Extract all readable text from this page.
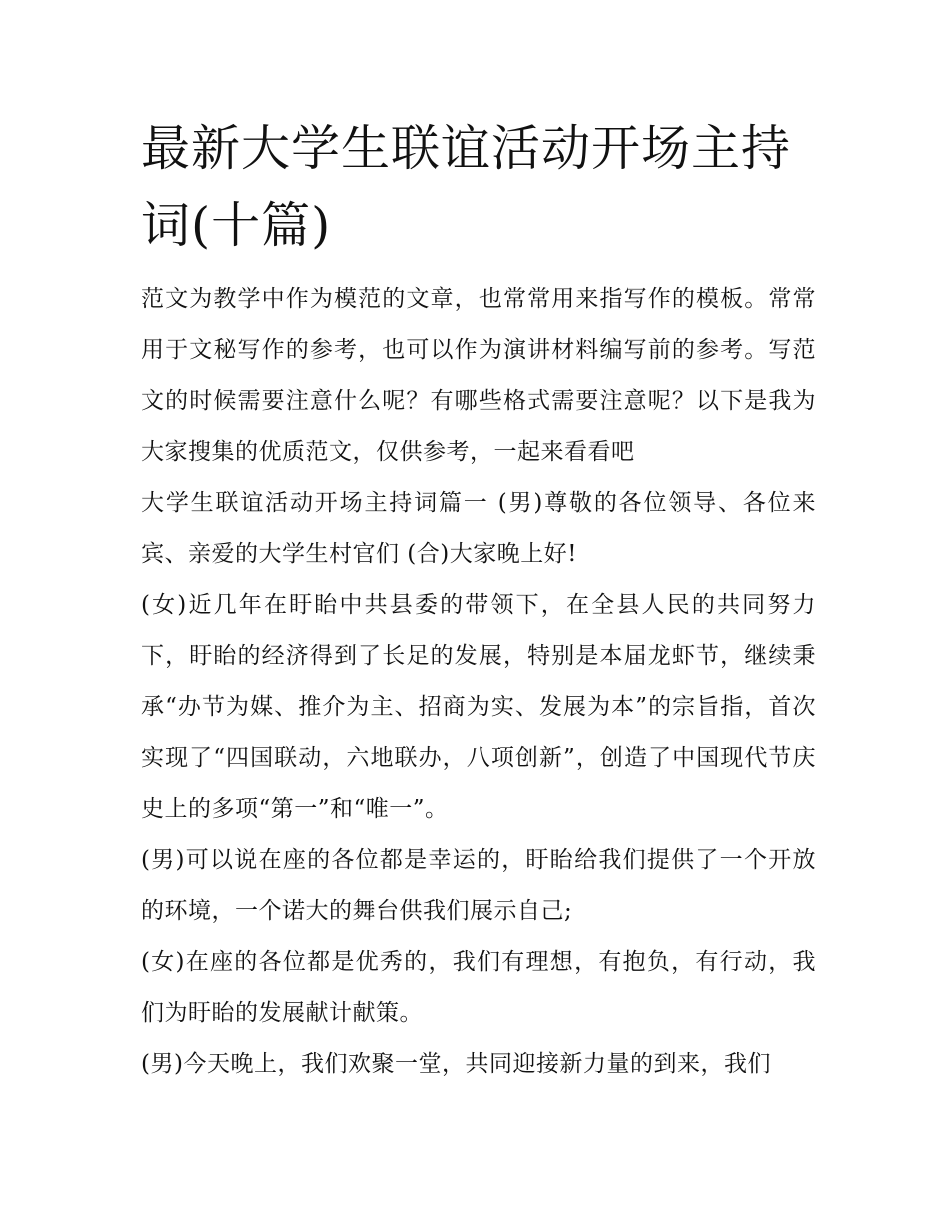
最新大学生联谊活动开场主持词(十篇)

范文为教学中作为模范的文章，也常常用来指写作的模板。常常用于文秘写作的参考，也可以作为演讲材料编写前的参考。写范文的时候需要注意什么呢？有哪些格式需要注意呢？以下是我为大家搜集的优质范文，仅供参考，一起来看看吧

大学生联谊活动开场主持词篇一 (男)尊敬的各位领导、各位来宾、亲爱的大学生村官们 (合)大家晚上好!

(女)近几年在盱眙中共县委的带领下，在全县人民的共同努力下，盱眙的经济得到了长足的发展，特别是本届龙虾节，继续秉承“办节为媒、推介为主、招商为实、发展为本”的宗旨指，首次实现了“四国联动，六地联办，八项创新”，创造了中国现代节庆史上的多项“第一”和“唯一”。

(男)可以说在座的各位都是幸运的，盱眙给我们提供了一个开放的环境，一个诺大的舞台供我们展示自己;

(女)在座的各位都是优秀的，我们有理想，有抱负，有行动，我们为盱眙的发展献计献策。

(男)今天晚上，我们欢聚一堂，共同迎接新力量的到来，我们
